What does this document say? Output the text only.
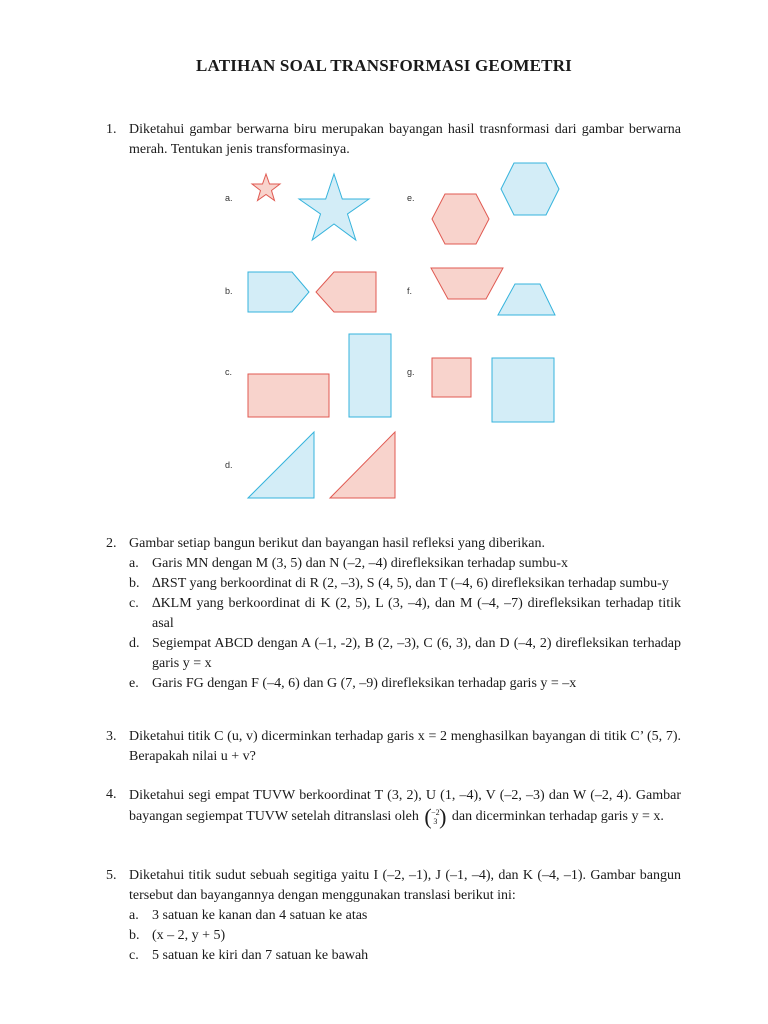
LATIHAN SOAL TRANSFORMASI GEOMETRI
1. Diketahui gambar berwarna biru merupakan bayangan hasil trasnformasi dari gambar berwarna merah. Tentukan jenis transformasinya.
a.
b.
c.
d.
e.
f.
g.
2. Gambar setiap bangun berikut dan bayangan hasil refleksi yang diberikan.
a. Garis MN dengan M (3, 5) dan N (–2, –4) direfleksikan terhadap sumbu-x
b. ∆RST yang berkoordinat di R (2, –3), S (4, 5), dan T (–4, 6) direfleksikan terhadap sumbu-y
c. ∆KLM yang berkoordinat di K (2, 5), L (3, –4), dan M (–4, –7) direfleksikan terhadap titik asal
d. Segiempat ABCD dengan A (–1, -2), B (2, –3), C (6, 3), dan D (–4, 2) direfleksikan terhadap garis y = x
e. Garis FG dengan F (–4, 6) dan G (7, –9) direfleksikan terhadap garis y = –x
3. Diketahui titik C (u, v) dicerminkan terhadap garis x = 2 menghasilkan bayangan di titik C’ (5, 7). Berapakah nilai u + v?
4. Diketahui segi empat TUVW berkoordinat T (3, 2), U (1, –4), V (–2, –3) dan W (–2, 4). Gambar bayangan segiempat TUVW setelah ditranslasi oleh ( −2
3 ) dan dicerminkan terhadap garis y = x.
5. Diketahui titik sudut sebuah segitiga yaitu I (–2, –1), J (–1, –4), dan K (–4, –1). Gambar bangun tersebut dan bayangannya dengan menggunakan translasi berikut ini:
a. 3 satuan ke kanan dan 4 satuan ke atas
b. (x – 2, y + 5)
c. 5 satuan ke kiri dan 7 satuan ke bawah
